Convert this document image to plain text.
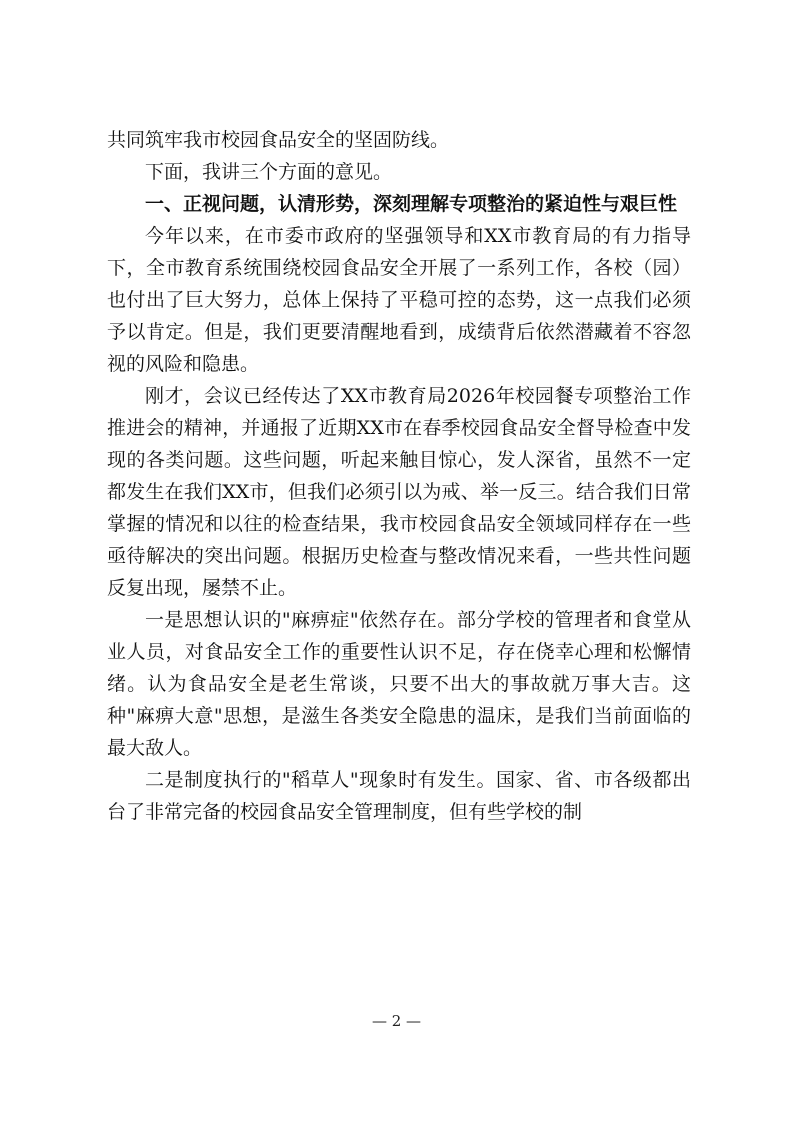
共同筑牢我市校园食品安全的坚固防线。

下面，我讲三个方面的意见。

一、正视问题，认清形势，深刻理解专项整治的紧迫性与艰巨性

今年以来，在市委市政府的坚强领导和XX市教育局的有力指导下，全市教育系统围绕校园食品安全开展了一系列工作，各校（园）也付出了巨大努力，总体上保持了平稳可控的态势，这一点我们必须予以肯定。但是，我们更要清醒地看到，成绩背后依然潜藏着不容忽视的风险和隐患。

刚才，会议已经传达了XX市教育局2026年校园餐专项整治工作推进会的精神，并通报了近期XX市在春季校园食品安全督导检查中发现的各类问题。这些问题，听起来触目惊心，发人深省，虽然不一定都发生在我们XX市，但我们必须引以为戒、举一反三。结合我们日常掌握的情况和以往的检查结果，我市校园食品安全领域同样存在一些亟待解决的突出问题。根据历史检查与整改情况来看，一些共性问题反复出现，屡禁不止。

一是思想认识的"麻痹症"依然存在。部分学校的管理者和食堂从业人员，对食品安全工作的重要性认识不足，存在侥幸心理和松懈情绪。认为食品安全是老生常谈，只要不出大的事故就万事大吉。这种"麻痹大意"思想，是滋生各类安全隐患的温床，是我们当前面临的最大敌人。

二是制度执行的"稻草人"现象时有发生。国家、省、市各级都出台了非常完备的校园食品安全管理制度，但有些学校的制

— 2 —
